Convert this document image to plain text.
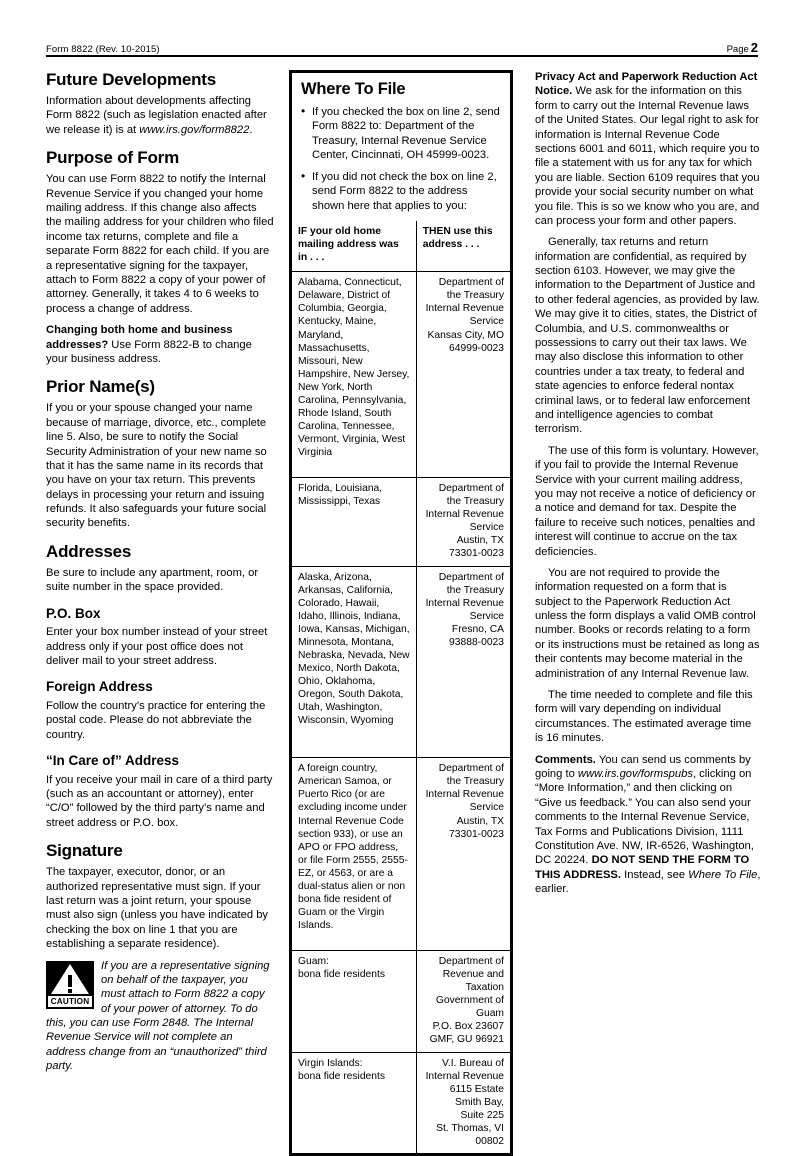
Form 8822 (Rev. 10-2015)	Page 2
Future Developments

Information about developments affecting Form 8822 (such as legislation enacted after we release it) is at www.irs.gov/form8822.

Purpose of Form

You can use Form 8822 to notify the Internal Revenue Service if you changed your home mailing address. If this change also affects the mailing address for your children who filed income tax returns, complete and file a separate Form 8822 for each child. If you are a representative signing for the taxpayer, attach to Form 8822 a copy of your power of attorney. Generally, it takes 4 to 6 weeks to process a change of address.

Changing both home and business addresses? Use Form 8822-B to change your business address.

Prior Name(s)

If you or your spouse changed your name because of marriage, divorce, etc., complete line 5. Also, be sure to notify the Social Security Administration of your new name so that it has the same name in its records that you have on your tax return. This prevents delays in processing your return and issuing refunds. It also safeguards your future social security benefits.

Addresses

Be sure to include any apartment, room, or suite number in the space provided.

P.O. Box

Enter your box number instead of your street address only if your post office does not deliver mail to your street address.

Foreign Address

Follow the country’s practice for entering the postal code. Please do not abbreviate the country.

“In Care of” Address

If you receive your mail in care of a third party (such as an accountant or attorney), enter “C/O” followed by the third party’s name and street address or P.O. box.

Signature

The taxpayer, executor, donor, or an authorized representative must sign. If your last return was a joint return, your spouse must also sign (unless you have indicated by checking the box on line 1 that you are establishing a separate residence).

CAUTION
If you are a representative signing on behalf of the taxpayer, you must attach to Form 8822 a copy of your power of attorney. To do this, you can use Form 2848. The Internal Revenue Service will not complete an address change from an “unauthorized” third party.
Where To File
• If you checked the box on line 2, send Form 8822 to: Department of the Treasury, Internal Revenue Service Center, Cincinnati, OH 45999-0023.
• If you did not check the box on line 2, send Form 8822 to the address shown here that applies to you:
IF your old home mailing address was in . . .	THEN use this address . . .
Alabama, Connecticut, Delaware, District of Columbia, Georgia, Kentucky, Maine, Maryland, Massachusetts, Missouri, New Hampshire, New Jersey, New York, North Carolina, Pennsylvania, Rhode Island, South Carolina, Tennessee, Vermont, Virginia, West Virginia	Department of the Treasury
Internal Revenue Service
Kansas City, MO
64999-0023
Florida, Louisiana, Mississippi, Texas	Department of the Treasury
Internal Revenue Service
Austin, TX
73301-0023
Alaska, Arizona, Arkansas, California, Colorado, Hawaii, Idaho, Illinois, Indiana, Iowa, Kansas, Michigan, Minnesota, Montana, Nebraska, Nevada, New Mexico, North Dakota, Ohio, Oklahoma, Oregon, South Dakota, Utah, Washington, Wisconsin, Wyoming	Department of the Treasury
Internal Revenue Service
Fresno, CA
93888-0023
A foreign country, American Samoa, or Puerto Rico (or are excluding income under Internal Revenue Code section 933), or use an APO or FPO address, or file Form 2555, 2555-EZ, or 4563, or are a dual-status alien or non bona fide resident of Guam or the Virgin Islands.	Department of the Treasury
Internal Revenue Service
Austin, TX
73301-0023
Guam:
bona fide residents	Department of
Revenue and
Taxation
Government of
Guam
P.O. Box 23607
GMF, GU 96921
Virgin Islands:
bona fide residents	V.I. Bureau of
Internal Revenue
6115 Estate
Smith Bay,
Suite 225
St. Thomas, VI 00802

Privacy Act and Paperwork Reduction Act Notice. We ask for the information on this form to carry out the Internal Revenue laws of the United States. Our legal right to ask for information is Internal Revenue Code sections 6001 and 6011, which require you to file a statement with us for any tax for which you are liable. Section 6109 requires that you provide your social security number on what you file. This is so we know who you are, and can process your form and other papers.

Generally, tax returns and return information are confidential, as required by section 6103. However, we may give the information to the Department of Justice and to other federal agencies, as provided by law. We may give it to cities, states, the District of Columbia, and U.S. commonwealths or possessions to carry out their tax laws. We may also disclose this information to other countries under a tax treaty, to federal and state agencies to enforce federal nontax criminal laws, or to federal law enforcement and intelligence agencies to combat terrorism.

The use of this form is voluntary. However, if you fail to provide the Internal Revenue Service with your current mailing address, you may not receive a notice of deficiency or a notice and demand for tax. Despite the failure to receive such notices, penalties and interest will continue to accrue on the tax deficiencies.

You are not required to provide the information requested on a form that is subject to the Paperwork Reduction Act unless the form displays a valid OMB control number. Books or records relating to a form or its instructions must be retained as long as their contents may become material in the administration of any Internal Revenue law.

The time needed to complete and file this form will vary depending on individual circumstances. The estimated average time is 16 minutes.

Comments. You can send us comments by going to www.irs.gov/formspubs, clicking on “More Information,” and then clicking on “Give us feedback.” You can also send your comments to the Internal Revenue Service, Tax Forms and Publications Division, 1111 Constitution Ave. NW, IR-6526, Washington, DC 20224. DO NOT SEND THE FORM TO THIS ADDRESS. Instead, see Where To File, earlier.
